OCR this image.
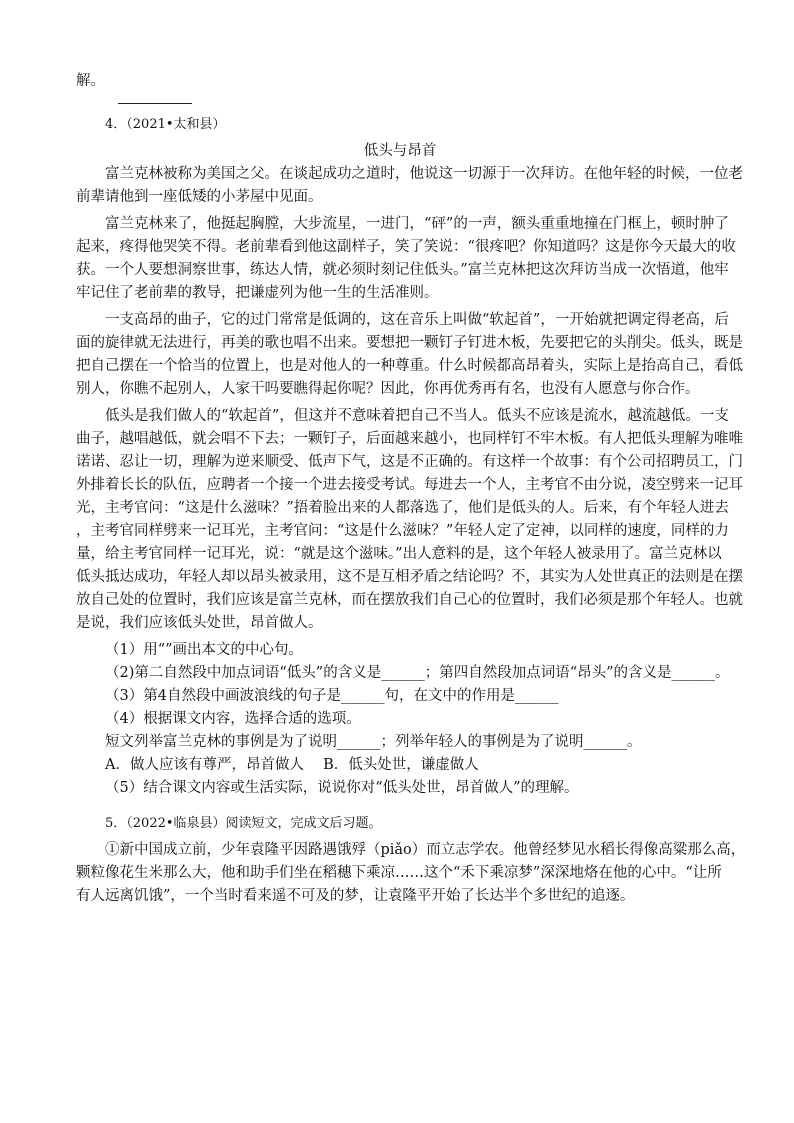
解。
4．（2021•太和县）
低头与昂首
富兰克林被称为美国之父。在谈起成功之道时，他说这一切源于一次拜访。在他年轻的时候，一位老
前辈请他到一座低矮的小茅屋中见面。
富兰克林来了，他挺起胸膛，大步流星，一进门，“砰”的一声，额头重重地撞在门框上，顿时肿了
起来，疼得他哭笑不得。老前辈看到他这副样子，笑了笑说：“很疼吧？你知道吗？这是你今天最大的收
获。一个人要想洞察世事，练达人情，就必须时刻记住低头。”富兰克林把这次拜访当成一次悟道，他牢
牢记住了老前辈的教导，把谦虚列为他一生的生活准则。
一支高昂的曲子，它的过门常常是低调的，这在音乐上叫做“软起首”，一开始就把调定得老高，后
面的旋律就无法进行，再美的歌也唱不出来。要想把一颗钉子钉进木板，先要把它的头削尖。低头，既是
把自己摆在一个恰当的位置上，也是对他人的一种尊重。什么时候都高昂着头，实际上是抬高自己，看低
别人，你瞧不起别人，人家干吗要瞧得起你呢？因此，你再优秀再有名，也没有人愿意与你合作。
低头是我们做人的“软起首”，但这并不意味着把自己不当人。低头不应该是流水，越流越低。一支
曲子，越唱越低，就会唱不下去；一颗钉子，后面越来越小，也同样钉不牢木板。有人把低头理解为唯唯
诺诺、忍让一切，理解为逆来顺受、低声下气，这是不正确的。有这样一个故事：有个公司招聘员工，门
外排着长长的队伍，应聘者一个接一个进去接受考试。每进去一个人，主考官不由分说，凌空劈来一记耳
光，主考官问：“这是什么滋味？”捂着脸出来的人都落选了，他们是低头的人。后来，有个年轻人进去
，主考官同样劈来一记耳光，主考官问：“这是什么滋味？”年轻人定了定神，以同样的速度，同样的力
量，给主考官同样一记耳光，说：“就是这个滋味。”出人意料的是，这个年轻人被录用了。富兰克林以
低头抵达成功，年轻人却以昂头被录用，这不是互相矛盾之结论吗？不，其实为人处世真正的法则是在摆
放自己处的位置时，我们应该是富兰克林，而在摆放我们自己心的位置时，我们必须是那个年轻人。也就
是说，我们应该低头处世，昂首做人。
（1）用“”画出本文的中心句。
（2)第二自然段中加点词语“低头”的含义是______；第四自然段加点词语“昂头”的含义是______。
（3）第4自然段中画波浪线的句子是______句，在文中的作用是______
（4）根据课文内容，选择合适的选项。
短文列举富兰克林的事例是为了说明______；列举年轻人的事例是为了说明______。
A．做人应该有尊严，昂首做人　 B．低头处世，谦虚做人
（5）结合课文内容或生活实际，说说你对“低头处世，昂首做人”的理解。
5．（2022•临泉县）阅读短文，完成文后习题。
①新中国成立前，少年袁隆平因路遇饿殍（piǎo）而立志学农。他曾经梦见水稻长得像高粱那么高，
颗粒像花生米那么大，他和助手们坐在稻穗下乘凉……这个“禾下乘凉梦”深深地烙在他的心中。“让所
有人远离饥饿”，一个当时看来遥不可及的梦，让袁隆平开始了长达半个多世纪的追逐。
